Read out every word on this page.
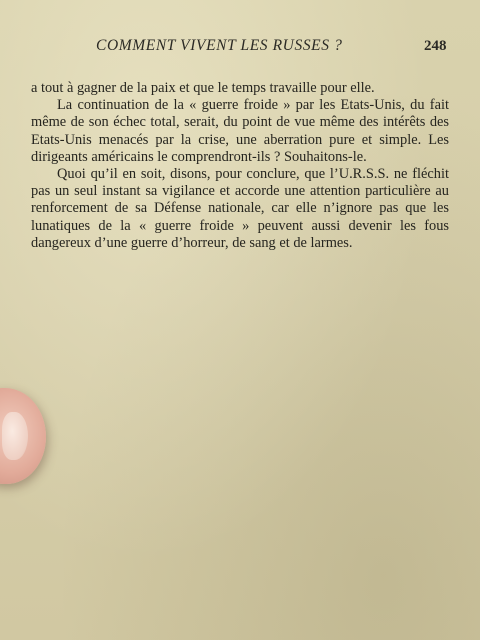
COMMENT VIVENT LES RUSSES ?	248

a tout à gagner de la paix et que le temps travaille pour elle.

La continuation de la « guerre froide » par les Etats-Unis, du fait même de son échec total, serait, du point de vue même des intérêts des Etats-Unis menacés par la crise, une aberration pure et simple. Les dirigeants américains le comprendront-ils ? Souhaitons-le.

Quoi qu’il en soit, disons, pour conclure, que l’U.R.S.S. ne fléchit pas un seul instant sa vigilance et accorde une attention particulière au renforcement de sa Défense nationale, car elle n’ignore pas que les lunatiques de la « guerre froide » peuvent aussi devenir les fous dangereux d’une guerre d’horreur, de sang et de larmes.
